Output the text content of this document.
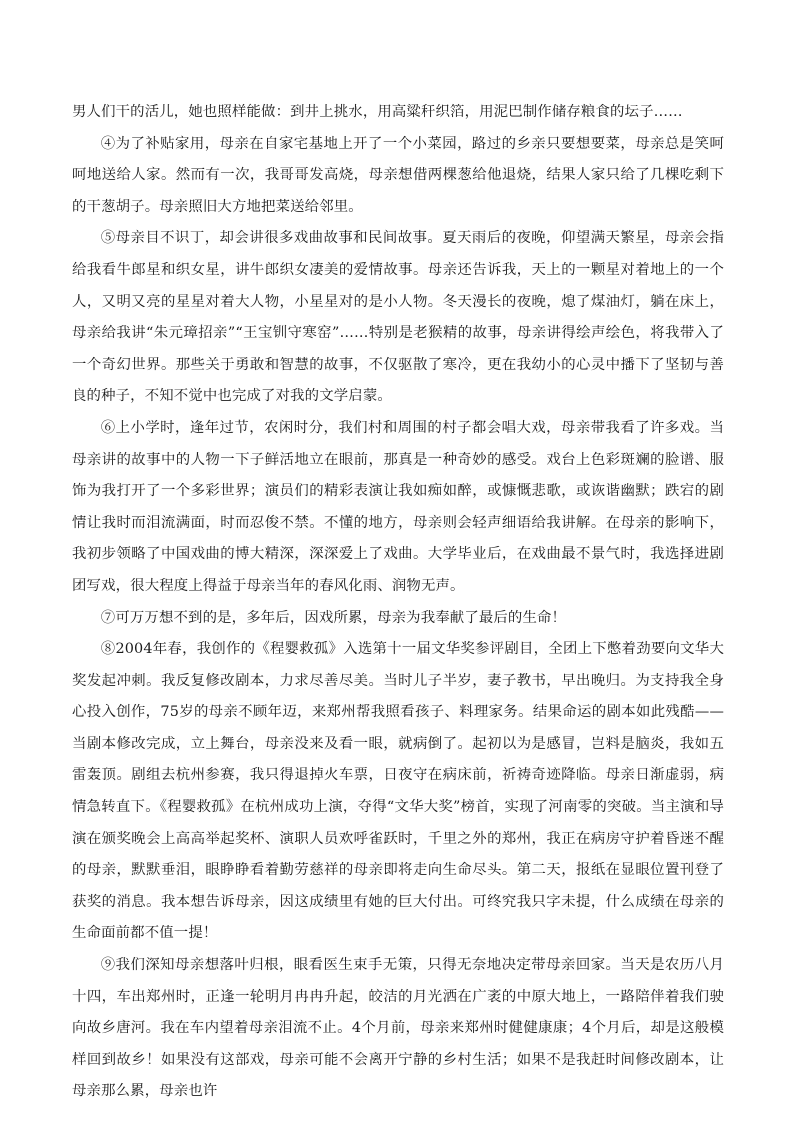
男人们干的活儿，她也照样能做：到井上挑水，用高粱秆织箔，用泥巴制作储存粮食的坛子……

④为了补贴家用，母亲在自家宅基地上开了一个小菜园，路过的乡亲只要想要菜，母亲总是笑呵呵地送给人家。然而有一次，我哥哥发高烧，母亲想借两棵葱给他退烧，结果人家只给了几棵吃剩下的干葱胡子。母亲照旧大方地把菜送给邻里。

⑤母亲目不识丁，却会讲很多戏曲故事和民间故事。夏天雨后的夜晚，仰望满天繁星，母亲会指给我看牛郎星和织女星，讲牛郎织女凄美的爱情故事。母亲还告诉我，天上的一颗星对着地上的一个人，又明又亮的星星对着大人物，小星星对的是小人物。冬天漫长的夜晚，熄了煤油灯，躺在床上，母亲给我讲“朱元璋招亲”“王宝钏守寒窑”……特别是老猴精的故事，母亲讲得绘声绘色，将我带入了一个奇幻世界。那些关于勇敢和智慧的故事，不仅驱散了寒冷，更在我幼小的心灵中播下了坚韧与善良的种子，不知不觉中也完成了对我的文学启蒙。

⑥上小学时，逢年过节，农闲时分，我们村和周围的村子都会唱大戏，母亲带我看了许多戏。当母亲讲的故事中的人物一下子鲜活地立在眼前，那真是一种奇妙的感受。戏台上色彩斑斓的脸谱、服饰为我打开了一个多彩世界；演员们的精彩表演让我如痴如醉，或慷慨悲歌，或诙谐幽默；跌宕的剧情让我时而泪流满面，时而忍俊不禁。不懂的地方，母亲则会轻声细语给我讲解。在母亲的影响下，我初步领略了中国戏曲的博大精深，深深爱上了戏曲。大学毕业后，在戏曲最不景气时，我选择进剧团写戏，很大程度上得益于母亲当年的春风化雨、润物无声。

⑦可万万想不到的是，多年后，因戏所累，母亲为我奉献了最后的生命！

⑧2004年春，我创作的《程婴救孤》入选第十一届文华奖参评剧目，全团上下憋着劲要向文华大奖发起冲刺。我反复修改剧本，力求尽善尽美。当时儿子半岁，妻子教书，早出晚归。为支持我全身心投入创作，75岁的母亲不顾年迈，来郑州帮我照看孩子、料理家务。结果命运的剧本如此残酷——当剧本修改完成，立上舞台，母亲没来及看一眼，就病倒了。起初以为是感冒，岂料是脑炎，我如五雷轰顶。剧组去杭州参赛，我只得退掉火车票，日夜守在病床前，祈祷奇迹降临。母亲日渐虚弱，病情急转直下。《程婴救孤》在杭州成功上演，夺得“文华大奖”榜首，实现了河南零的突破。当主演和导演在颁奖晚会上高高举起奖杯、演职人员欢呼雀跃时，千里之外的郑州，我正在病房守护着昏迷不醒的母亲，默默垂泪，眼睁睁看着勤劳慈祥的母亲即将走向生命尽头。第二天，报纸在显眼位置刊登了获奖的消息。我本想告诉母亲，因这成绩里有她的巨大付出。可终究我只字未提，什么成绩在母亲的生命面前都不值一提！

⑨我们深知母亲想落叶归根，眼看医生束手无策，只得无奈地决定带母亲回家。当天是农历八月十四，车出郑州时，正逢一轮明月冉冉升起，皎洁的月光洒在广袤的中原大地上，一路陪伴着我们驶向故乡唐河。我在车内望着母亲泪流不止。4个月前，母亲来郑州时健健康康；4个月后，却是这般模样回到故乡！如果没有这部戏，母亲可能不会离开宁静的乡村生活；如果不是我赶时间修改剧本，让母亲那么累，母亲也许
